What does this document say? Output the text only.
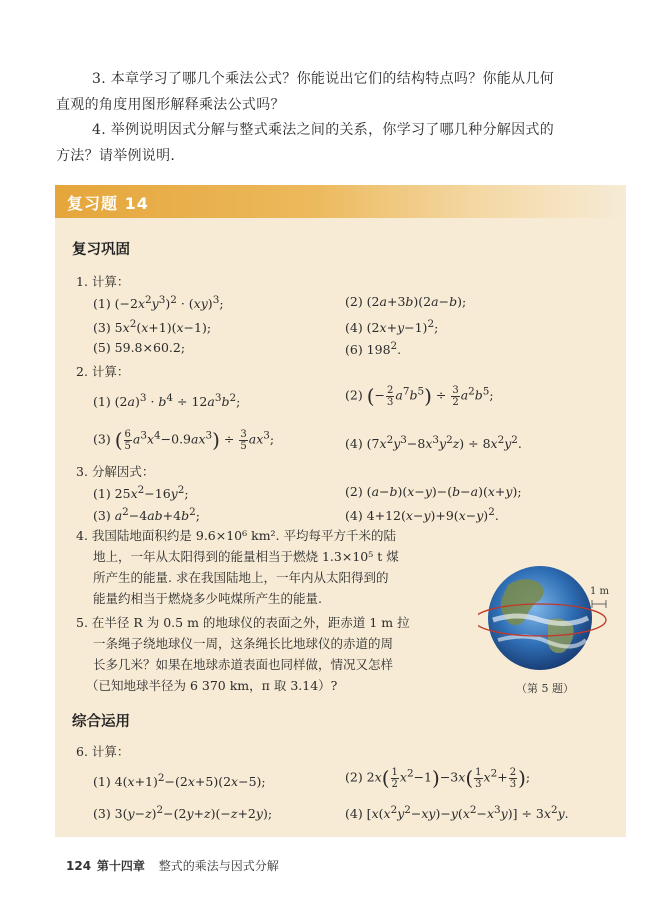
3. 本章学习了哪几个乘法公式？你能说出它们的结构特点吗？你能从几何
直观的角度用图形解释乘法公式吗？
4. 举例说明因式分解与整式乘法之间的关系，你学习了哪几种分解因式的
方法？请举例说明.
复习题 14
复习巩固
1. 计算：
(1) $(-2x^2y^3)^2 \cdot (xy)^3$;	(2) (2a+3b)(2a−b);
(3) $5x^2(x+1)(x-1)$;	(4) $(2x+y-1)^2$;
(5) 59.8×60.2;	(6) $198^2$.
2. 计算：
(1) $(2a)^3 \cdot b^4 \div 12a^3b^2$;	(2) (− $\frac{2}{3} a^7b^5) \div \frac{3}{2} a^2b^5$;
(3) ( $\frac{6}{5} a^3x^4-0.9ax^3) \div \frac{3}{5} ax^3$;	(4) $(7x^2y^3-8x^3y^2z) \div 8x^2y^2$.
3. 分解因式：
(1) $25x^2-16y^2$;	(2) (a−b)(x−y)−(b−a)(x+y);
(3) $a^2-4ab+4b^2$;	(4) $4+12(x-y)+9(x-y)^2$.
4. 我国陆地面积约是 9.6×10⁶ km². 平均每平方千米的陆
地上，一年从太阳得到的能量相当于燃烧 1.3×10⁵ t 煤
所产生的能量. 求在我国陆地上，一年内从太阳得到的
能量约相当于燃烧多少吨煤所产生的能量.
5. 在半径 R 为 0.5 m 的地球仪的表面之外，距赤道 1 m 拉
一条绳子绕地球仪一周，这条绳长比地球仪的赤道的周
长多几米？如果在地球赤道表面也同样做，情况又怎样
（已知地球半径为 6 370 km，π 取 3.14）?
1 m
（第 5 题）
综合运用
6. 计算：
(1) $4(x+1)^2-(2x+5)(2x-5)$;	(2) $2x( \frac{1}{2} x^2-1)-3x( \frac{1}{3} x^2+ \frac{2}{3}$ );
(3) $3(y-z)^2-(2y+z)(-z+2y)$;	(4) $[x(x^2y^2-xy)-y(x^2-x^3y)] \div 3x^2y$.
124 第十四章 整式的乘法与因式分解
